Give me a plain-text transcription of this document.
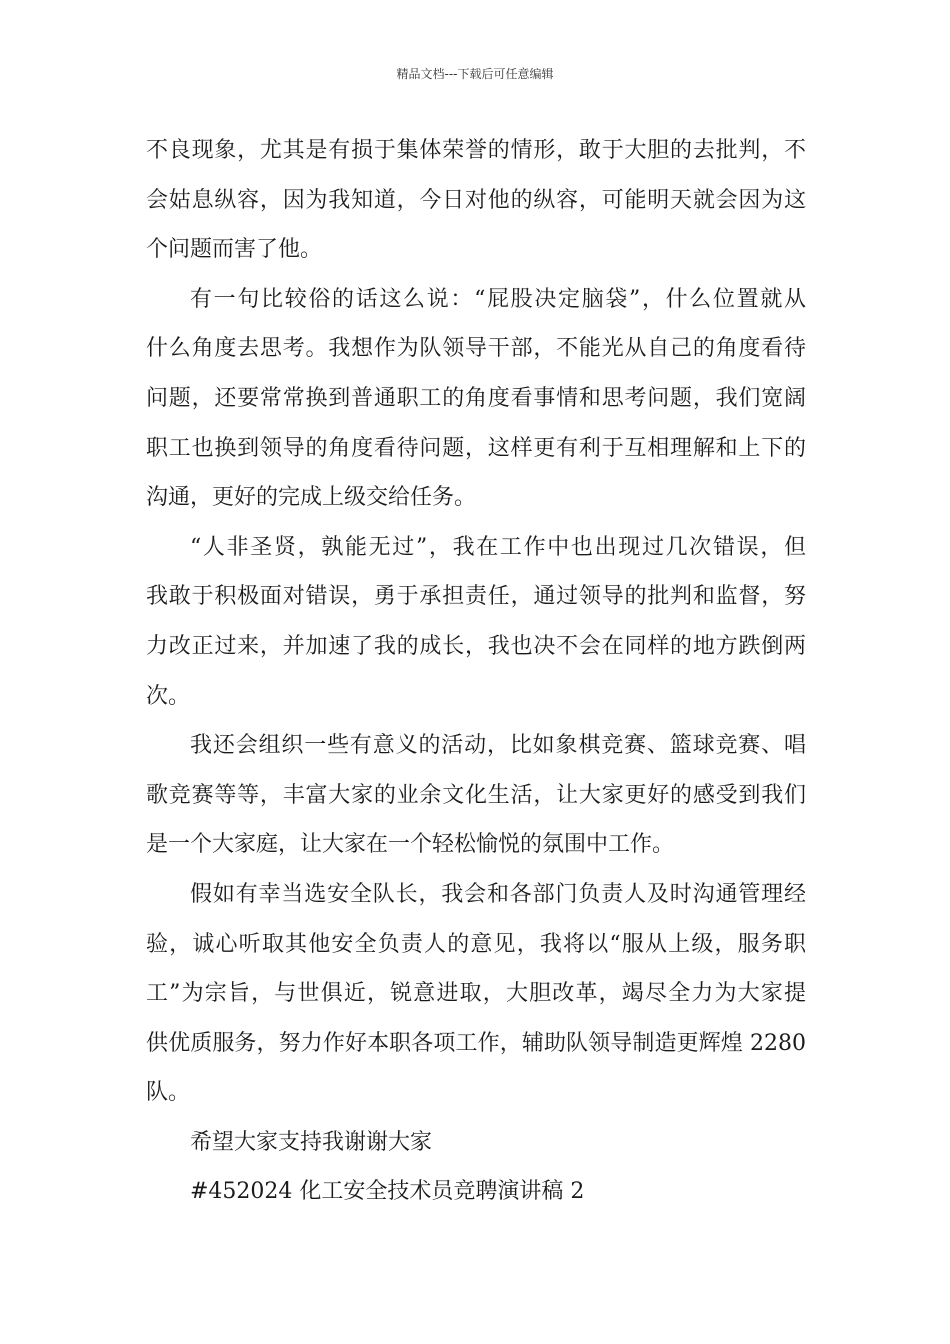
精品文档---下载后可任意编辑
不良现象，尤其是有损于集体荣誉的情形，敢于大胆的去批判，不
会姑息纵容，因为我知道，今日对他的纵容，可能明天就会因为这
个问题而害了他。
有一句比较俗的话这么说：“屁股决定脑袋”，什么位置就从
什么角度去思考。我想作为队领导干部，不能光从自己的角度看待
问题，还要常常换到普通职工的角度看事情和思考问题，我们宽阔
职工也换到领导的角度看待问题，这样更有利于互相理解和上下的
沟通，更好的完成上级交给任务。
“人非圣贤，孰能无过”，我在工作中也出现过几次错误，但
我敢于积极面对错误，勇于承担责任，通过领导的批判和监督，努
力改正过来，并加速了我的成长，我也决不会在同样的地方跌倒两
次。
我还会组织一些有意义的活动，比如象棋竞赛、篮球竞赛、唱
歌竞赛等等，丰富大家的业余文化生活，让大家更好的感受到我们
是一个大家庭，让大家在一个轻松愉悦的氛围中工作。
假如有幸当选安全队长，我会和各部门负责人及时沟通管理经
验，诚心听取其他安全负责人的意见，我将以“服从上级，服务职
工”为宗旨，与世俱近，锐意进取，大胆改革，竭尽全力为大家提
供优质服务，努力作好本职各项工作，辅助队领导制造更辉煌 2280
队。
希望大家支持我谢谢大家
#452024 化工安全技术员竞聘演讲稿 2
